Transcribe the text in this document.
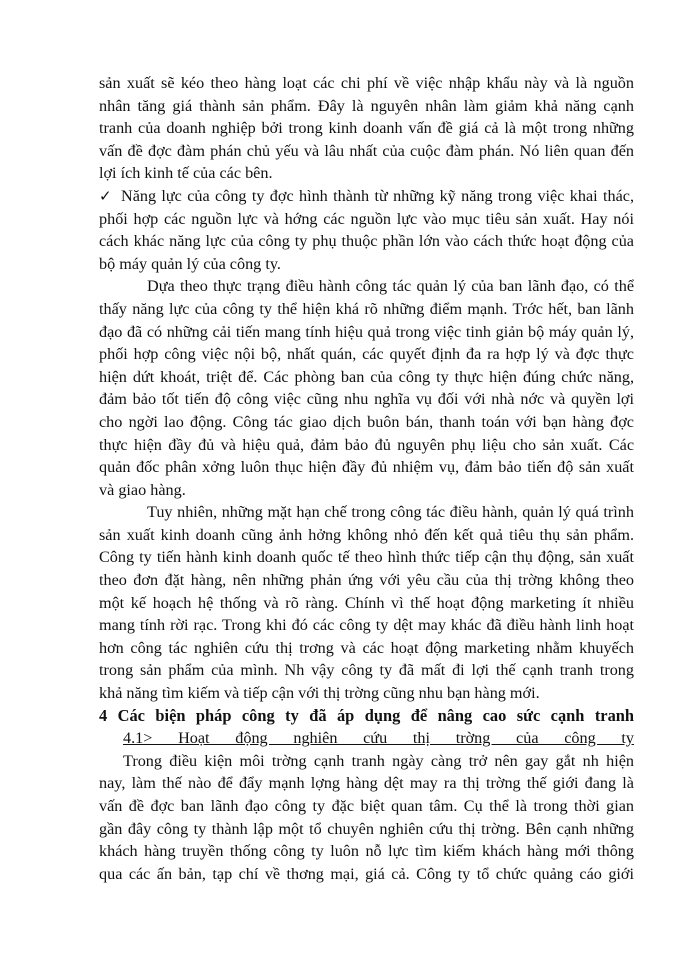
sản xuất sẽ kéo theo hàng loạt các chi phí về việc nhập khẩu này và là nguồn
nhân tăng giá thành sản phẩm. Đây là nguyên nhân làm giảm khả năng cạnh
tranh của doanh nghiệp bởi trong kinh doanh vấn đề giá cả là một trong những
vấn đề đợc đàm phán chủ yếu và lâu nhất của cuộc đàm phán. Nó liên quan đến
lợi ích kinh tế của các bên.
✓ Năng lực của công ty đợc hình thành từ những kỹ năng trong việc khai thác,
phối hợp các nguồn lực và hớng các nguồn lực vào mục tiêu sản xuất. Hay nói
cách khác năng lực của công ty phụ thuộc phần lớn vào cách thức hoạt động của
bộ máy quản lý của công ty.
Dựa theo thực trạng điều hành công tác quản lý của ban lãnh đạo, có thể
thấy năng lực của công ty thể hiện khá rõ những điểm mạnh. Trớc hết, ban lãnh
đạo đã có những cải tiến mang tính hiệu quả trong việc tinh giản bộ máy quản lý,
phối hợp công việc nội bộ, nhất quán, các quyết định đa ra hợp lý và đợc thực
hiện dứt khoát, triệt để. Các phòng ban của công ty thực hiện đúng chức năng,
đảm bảo tốt tiến độ công việc cũng nhu nghĩa vụ đối với nhà nớc và quyền lợi
cho ngời lao động. Công tác giao dịch buôn bán, thanh toán với bạn hàng đợc
thực hiện đầy đủ và hiệu quả, đảm bảo đủ nguyên phụ liệu cho sản xuất. Các
quản đốc phân xởng luôn thục hiện đầy đủ nhiệm vụ, đảm bảo tiến độ sản xuất
và giao hàng.
Tuy nhiên, những mặt hạn chế trong công tác điều hành, quản lý quá trình
sản xuất kinh doanh cũng ảnh hởng không nhỏ đến kết quả tiêu thụ sản phẩm.
Công ty tiến hành kinh doanh quốc tế theo hình thức tiếp cận thụ động, sản xuất
theo đơn đặt hàng, nên những phản ứng với yêu cầu của thị trờng không theo
một kế hoạch hệ thống và rõ ràng. Chính vì thế hoạt động marketing ít nhiều
mang tính rời rạc. Trong khi đó các công ty dệt may khác đã điều hành linh hoạt
hơn công tác nghiên cứu thị trơng và các hoạt động marketing nhằm khuyếch
trong sản phẩm của mình. Nh vậy công ty đã mất đi lợi thế cạnh tranh trong
khả năng tìm kiếm và tiếp cận với thị trờng cũng nhu bạn hàng mới.
4 Các biện pháp công ty đã áp dụng để nâng cao sức cạnh tranh
4.1> Hoạt động nghiên cứu thị trờng của công ty
Trong điều kiện môi trờng cạnh tranh ngày càng trở nên gay gắt nh hiện
nay, làm thế nào để đẩy mạnh lợng hàng dệt may ra thị trờng thế giới đang là
vấn đề đợc ban lãnh đạo công ty đặc biệt quan tâm. Cụ thể là trong thời gian
gần đây công ty thành lập một tổ chuyên nghiên cứu thị trờng. Bên cạnh những
khách hàng truyền thống công ty luôn nỗ lực tìm kiếm khách hàng mới thông
qua các ấn bản, tạp chí về thơng mại, giá cả. Công ty tổ chức quảng cáo giới
